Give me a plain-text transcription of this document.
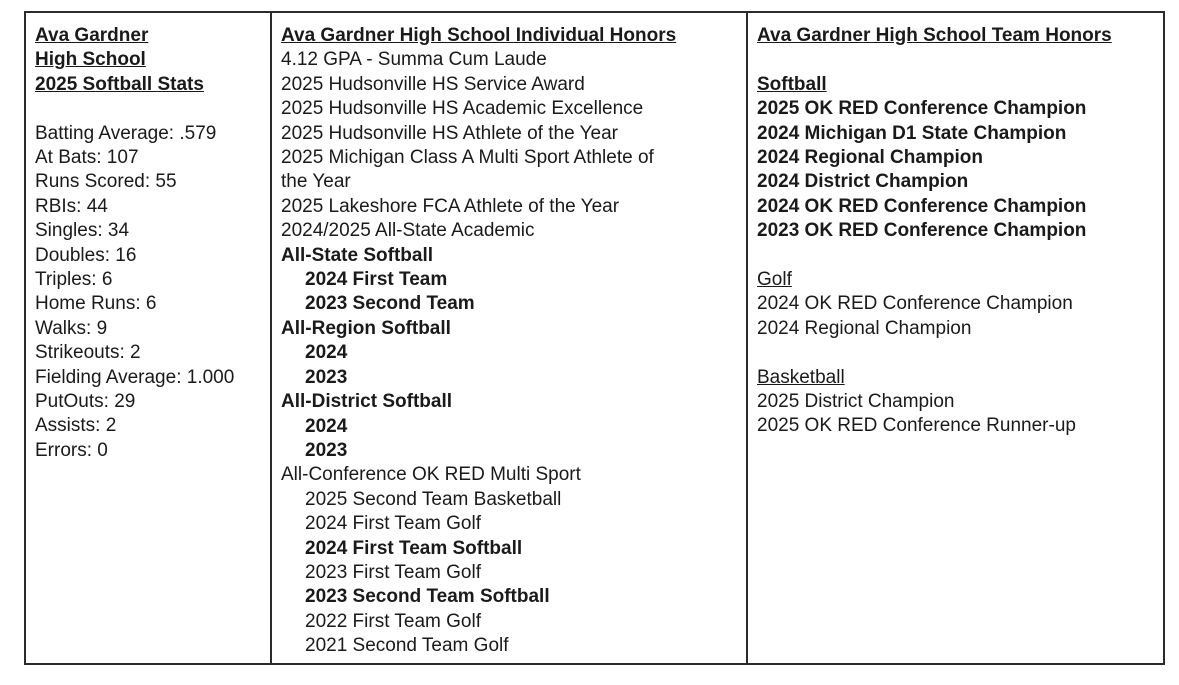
Ava Gardner
High School
2025 Softball Stats
Batting Average: .579
At Bats: 107
Runs Scored: 55
RBIs: 44
Singles: 34
Doubles: 16
Triples: 6
Home Runs: 6
Walks: 9
Strikeouts: 2
Fielding Average: 1.000
PutOuts: 29
Assists: 2
Errors: 0
Ava Gardner High School Individual Honors
4.12 GPA - Summa Cum Laude
2025 Hudsonville HS Service Award
2025 Hudsonville HS Academic Excellence
2025 Hudsonville HS Athlete of the Year
2025 Michigan Class A Multi Sport Athlete of
the Year
2025 Lakeshore FCA Athlete of the Year
2024/2025 All-State Academic
All-State Softball
2024 First Team
2023 Second Team
All-Region Softball
2024
2023
All-District Softball
2024
2023
All-Conference OK RED Multi Sport
2025 Second Team Basketball
2024 First Team Golf
2024 First Team Softball
2023 First Team Golf
2023 Second Team Softball
2022 First Team Golf
2021 Second Team Golf
Ava Gardner High School Team Honors
Softball
2025 OK RED Conference Champion
2024 Michigan D1 State Champion
2024 Regional Champion
2024 District Champion
2024 OK RED Conference Champion
2023 OK RED Conference Champion
Golf
2024 OK RED Conference Champion
2024 Regional Champion
Basketball
2025 District Champion
2025 OK RED Conference Runner-up
